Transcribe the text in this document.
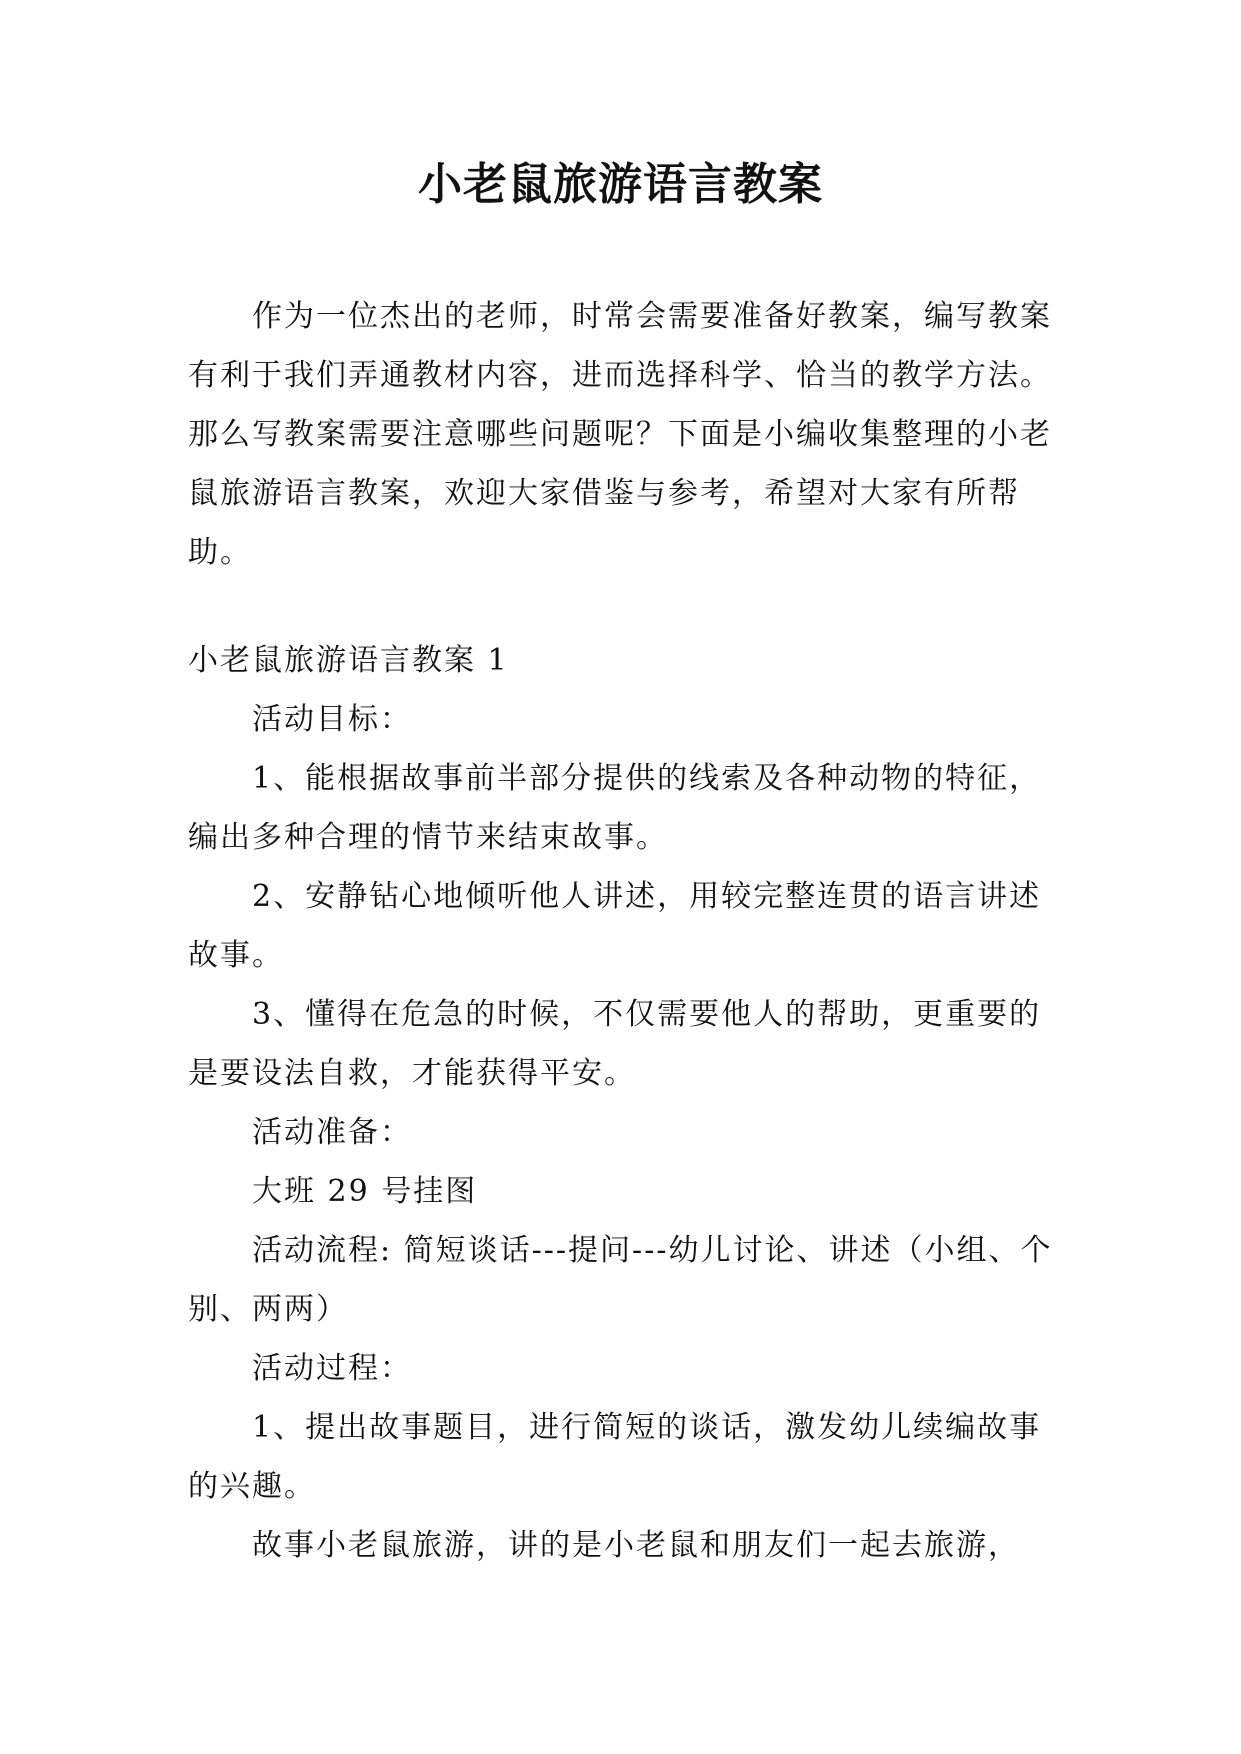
小老鼠旅游语言教案

作为一位杰出的老师，时常会需要准备好教案，编写教案有利于我们弄通教材内容，进而选择科学、恰当的教学方法。那么写教案需要注意哪些问题呢？下面是小编收集整理的小老鼠旅游语言教案，欢迎大家借鉴与参考，希望对大家有所帮助。

小老鼠旅游语言教案 1

活动目标：

1、能根据故事前半部分提供的线索及各种动物的特征，编出多种合理的情节来结束故事。

2、安静钻心地倾听他人讲述，用较完整连贯的语言讲述故事。

3、懂得在危急的时候，不仅需要他人的帮助，更重要的是要设法自救，才能获得平安。

活动准备：

大班 29 号挂图

活动流程: 简短谈话---提问---幼儿讨论、讲述（小组、个别、两两）

活动过程：

1、提出故事题目，进行简短的谈话，激发幼儿续编故事的兴趣。

故事小老鼠旅游，讲的是小老鼠和朋友们一起去旅游，
